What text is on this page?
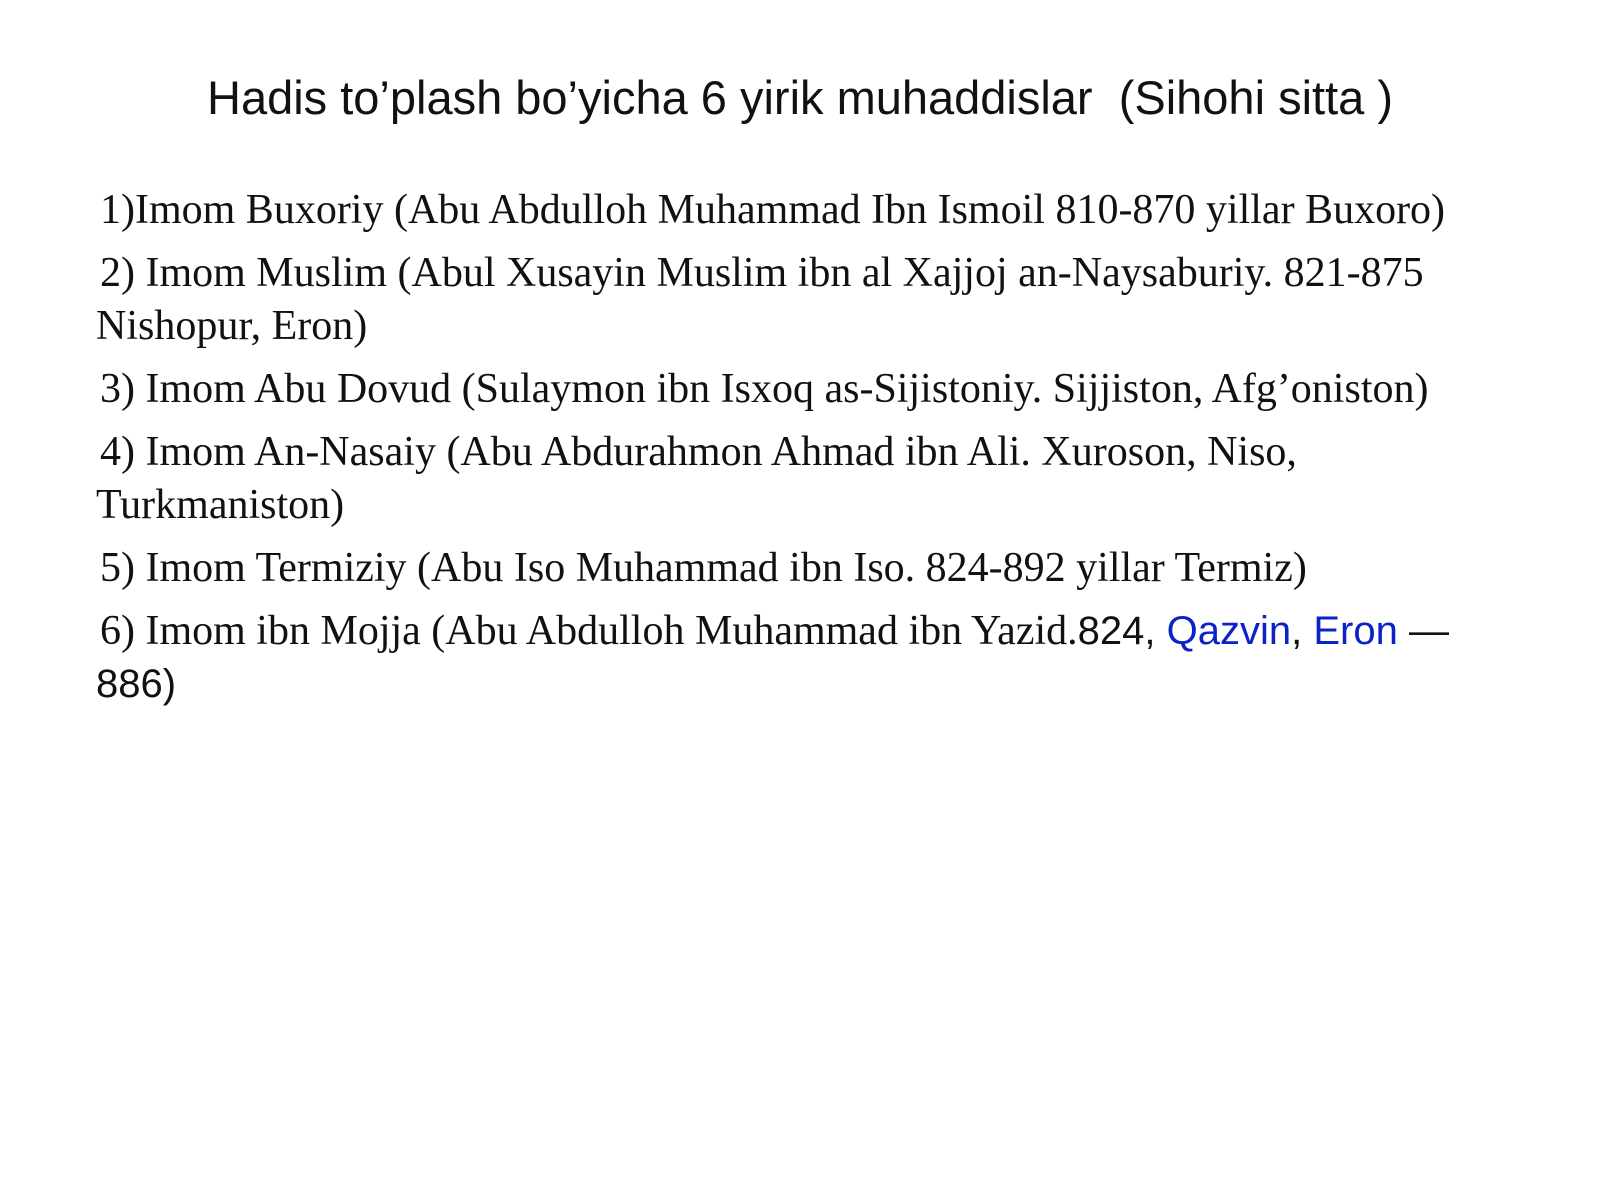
Hadis to’plash bo’yicha 6 yirik muhaddislar  (Sihohi sitta )
1)Imom Buxoriy (Abu Abdulloh Muhammad Ibn Ismoil 810-870 yillar Buxoro)
2) Imom Muslim (Abul Xusayin Muslim ibn al Xajjoj an-Naysaburiy. 821-875 Nishopur, Eron)
3) Imom Abu Dovud (Sulaymon ibn Isxoq as-Sijistoniy. Sijjiston, Afg’oniston)
4) Imom An-Nasaiy (Abu Abdurahmon Ahmad ibn Ali. Xuroson, Niso, Turkmaniston)
5) Imom Termiziy (Abu Iso Muhammad ibn Iso. 824-892 yillar Termiz)
6) Imom ibn Mojja (Abu Abdulloh Muhammad ibn Yazid.824, Qazvin, Eron — 886)
